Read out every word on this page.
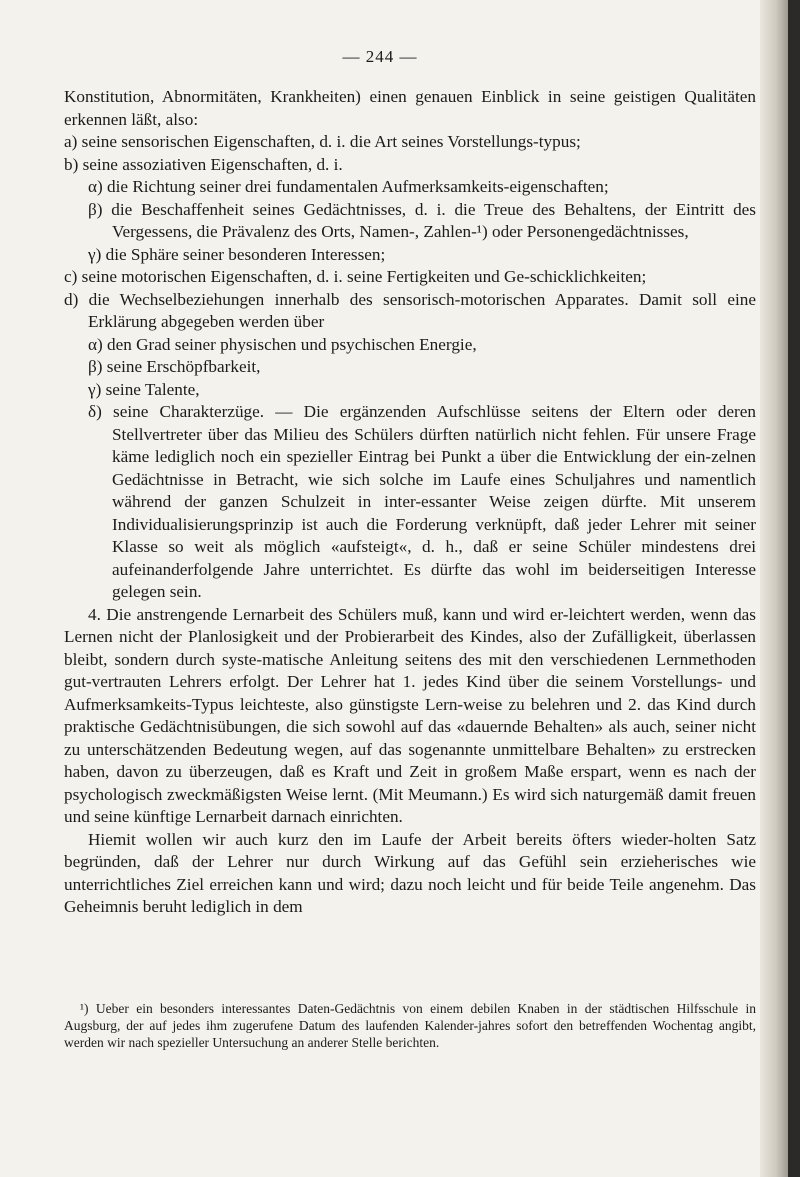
— 244 —

Konstitution, Abnormitäten, Krankheiten) einen genauen Einblick in seine geistigen Qualitäten erkennen läßt, also:

a) seine sensorischen Eigenschaften, d. i. die Art seines Vorstellungs-typus;

b) seine assoziativen Eigenschaften, d. i.

α) die Richtung seiner drei fundamentalen Aufmerksamkeits-eigenschaften;

β) die Beschaffenheit seines Gedächtnisses, d. i. die Treue des Behaltens, der Eintritt des Vergessens, die Prävalenz des Orts, Namen-, Zahlen-¹) oder Personengedächtnisses,

γ) die Sphäre seiner besonderen Interessen;

c) seine motorischen Eigenschaften, d. i. seine Fertigkeiten und Ge-schicklichkeiten;

d) die Wechselbeziehungen innerhalb des sensorisch-motorischen Apparates. Damit soll eine Erklärung abgegeben werden über

α) den Grad seiner physischen und psychischen Energie,

β) seine Erschöpfbarkeit,

γ) seine Talente,

δ) seine Charakterzüge. — Die ergänzenden Aufschlüsse seitens der Eltern oder deren Stellvertreter über das Milieu des Schülers dürften natürlich nicht fehlen. Für unsere Frage käme lediglich noch ein spezieller Eintrag bei Punkt a über die Entwicklung der ein-zelnen Gedächtnisse in Betracht, wie sich solche im Laufe eines Schuljahres und namentlich während der ganzen Schulzeit in inter-essanter Weise zeigen dürfte. Mit unserem Individualisierungsprinzip ist auch die Forderung verknüpft, daß jeder Lehrer mit seiner Klasse so weit als möglich «aufsteigt«, d. h., daß er seine Schüler mindestens drei aufeinanderfolgende Jahre unterrichtet. Es dürfte das wohl im beiderseitigen Interesse gelegen sein.

4. Die anstrengende Lernarbeit des Schülers muß, kann und wird er-leichtert werden, wenn das Lernen nicht der Planlosigkeit und der Probierarbeit des Kindes, also der Zufälligkeit, überlassen bleibt, sondern durch syste-matische Anleitung seitens des mit den verschiedenen Lernmethoden gut-vertrauten Lehrers erfolgt. Der Lehrer hat 1. jedes Kind über die seinem Vorstellungs- und Aufmerksamkeits-Typus leichteste, also günstigste Lern-weise zu belehren und 2. das Kind durch praktische Gedächtnisübungen, die sich sowohl auf das «dauernde Behalten» als auch, seiner nicht zu unterschätzenden Bedeutung wegen, auf das sogenannte unmittelbare Behalten» zu erstrecken haben, davon zu überzeugen, daß es Kraft und Zeit in großem Maße erspart, wenn es nach der psychologisch zweckmäßigsten Weise lernt. (Mit Meumann.) Es wird sich naturgemäß damit freuen und seine künftige Lernarbeit darnach einrichten.

Hiemit wollen wir auch kurz den im Laufe der Arbeit bereits öfters wieder-holten Satz begründen, daß der Lehrer nur durch Wirkung auf das Gefühl sein erzieherisches wie unterrichtliches Ziel erreichen kann und wird; dazu noch leicht und für beide Teile angenehm. Das Geheimnis beruht lediglich in dem

¹) Ueber ein besonders interessantes Daten-Gedächtnis von einem debilen Knaben in der städtischen Hilfsschule in Augsburg, der auf jedes ihm zugerufene Datum des laufenden Kalender-jahres sofort den betreffenden Wochentag angibt, werden wir nach spezieller Untersuchung an anderer Stelle berichten.
